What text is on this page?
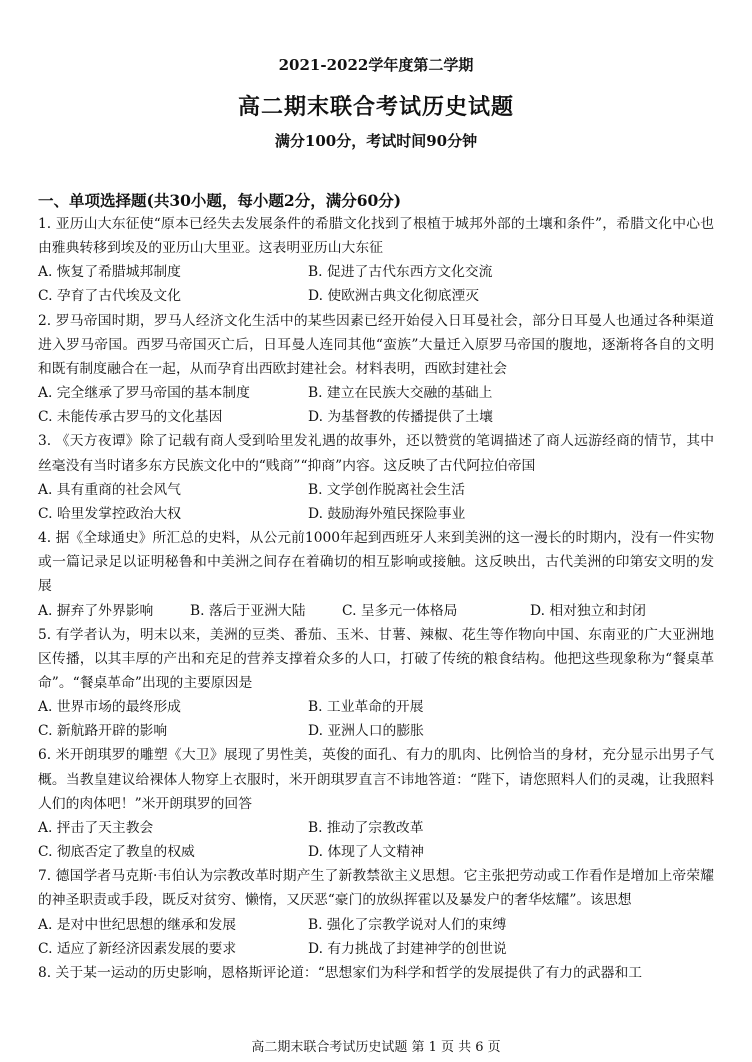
2021-2022学年度第二学期
高二期末联合考试历史试题
满分100分，考试时间90分钟
一、单项选择题(共30小题，每小题2分，满分60分)
1. 亚历山大东征使“原本已经失去发展条件的希腊文化找到了根植于城邦外部的土壤和条件”，希腊文化中心也由雅典转移到埃及的亚历山大里亚。这表明亚历山大东征
A. 恢复了希腊城邦制度	B. 促进了古代东西方文化交流
C. 孕育了古代埃及文化	D. 使欧洲古典文化彻底湮灭
2. 罗马帝国时期，罗马人经济文化生活中的某些因素已经开始侵入日耳曼社会，部分日耳曼人也通过各种渠道进入罗马帝国。西罗马帝国灭亡后，日耳曼人连同其他“蛮族”大量迁入原罗马帝国的腹地，逐渐将各自的文明和既有制度融合在一起，从而孕育出西欧封建社会。材料表明，西欧封建社会
A. 完全继承了罗马帝国的基本制度	B. 建立在民族大交融的基础上
C. 未能传承古罗马的文化基因	D. 为基督教的传播提供了土壤
3. 《天方夜谭》除了记载有商人受到哈里发礼遇的故事外，还以赞赏的笔调描述了商人远游经商的情节，其中丝毫没有当时诸多东方民族文化中的“贱商”“抑商”内容。这反映了古代阿拉伯帝国
A. 具有重商的社会风气	B. 文学创作脱离社会生活
C. 哈里发掌控政治大权	D. 鼓励海外殖民探险事业
4. 据《全球通史》所汇总的史料，从公元前1000年起到西班牙人来到美洲的这一漫长的时期内，没有一件实物或一篇记录足以证明秘鲁和中美洲之间存在着确切的相互影响或接触。这反映出，古代美洲的印第安文明的发展
A. 摒弃了外界影响	B. 落后于亚洲大陆	C. 呈多元一体格局	D. 相对独立和封闭
5. 有学者认为，明末以来，美洲的豆类、番茄、玉米、甘薯、辣椒、花生等作物向中国、东南亚的广大亚洲地区传播，以其丰厚的产出和充足的营养支撑着众多的人口，打破了传统的粮食结构。他把这些现象称为“餐桌革命”。“餐桌革命”出现的主要原因是
A. 世界市场的最终形成	B. 工业革命的开展
C. 新航路开辟的影响	D. 亚洲人口的膨胀
6. 米开朗琪罗的雕塑《大卫》展现了男性美，英俊的面孔、有力的肌肉、比例恰当的身材，充分显示出男子气概。当教皇建议给裸体人物穿上衣服时，米开朗琪罗直言不讳地答道：“陛下，请您照料人们的灵魂，让我照料人们的肉体吧！”米开朗琪罗的回答
A. 抨击了天主教会	B. 推动了宗教改革
C. 彻底否定了教皇的权威	D. 体现了人文精神
7. 德国学者马克斯·韦伯认为宗教改革时期产生了新教禁欲主义思想。它主张把劳动或工作看作是增加上帝荣耀的神圣职责或手段，既反对贫穷、懒惰，又厌恶“豪门的放纵挥霍以及暴发户的奢华炫耀”。该思想
A. 是对中世纪思想的继承和发展	B. 强化了宗教学说对人们的束缚
C. 适应了新经济因素发展的要求	D. 有力挑战了封建神学的创世说
8. 关于某一运动的历史影响，恩格斯评论道：“思想家们为科学和哲学的发展提供了有力的武器和工
高二期末联合考试历史试题 第 1 页 共 6 页
